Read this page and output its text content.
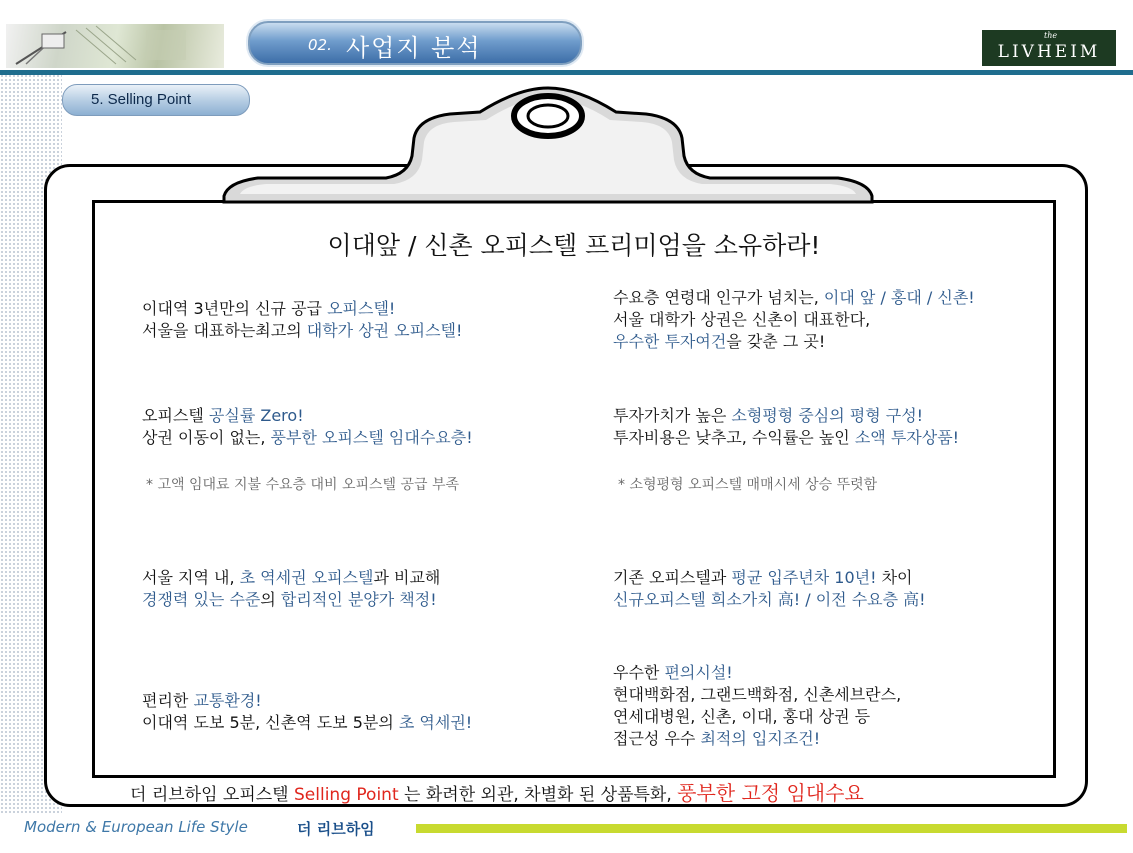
02. 사업지 분석	the
LIVHEIM
5. Selling Point
이대앞 / 신촌 오피스텔 프리미엄을 소유하라!
이대역 3년만의 신규 공급 오피스텔!
서울을 대표하는최고의 대학가 상권 오피스텔!
오피스텔 공실률 Zero!
상권 이동이 없는, 풍부한 오피스텔 임대수요층!
* 고액 임대료 지불 수요층 대비 오피스텔 공급 부족
서울 지역 내, 초 역세권 오피스텔과 비교해
경쟁력 있는 수준의 합리적인 분양가 책정!
편리한 교통환경!
이대역 도보 5분, 신촌역 도보 5분의 초 역세권!
수요층 연령대 인구가 넘치는, 이대 앞 / 홍대 / 신촌!
서울 대학가 상권은 신촌이 대표한다,
우수한 투자여건을 갖춘 그 곳!
투자가치가 높은 소형평형 중심의 평형 구성!
투자비용은 낮추고, 수익률은 높인 소액 투자상품!
* 소형평형 오피스텔 매매시세 상승 뚜렷함
기존 오피스텔과 평균 입주년차 10년! 차이
신규오피스텔 희소가치 高! / 이전 수요층 高!
우수한 편의시설!
현대백화점, 그랜드백화점, 신촌세브란스,
연세대병원, 신촌, 이대, 홍대 상권 등
접근성 우수 최적의 입지조건!
더 리브하임 오피스텔 Selling Point 는 화려한 외관, 차별화 된 상품특화, 풍부한 고정 임대수요
Modern & European Life Style	더 리브하임
